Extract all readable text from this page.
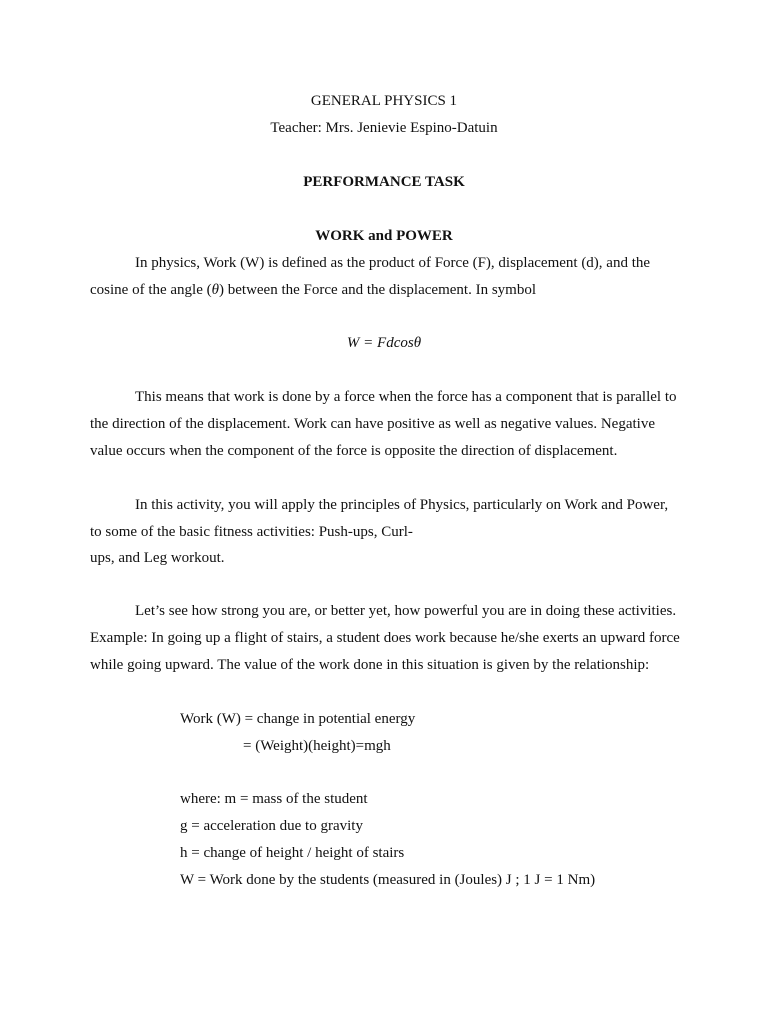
GENERAL PHYSICS 1
Teacher: Mrs. Jenievie Espino-Datuin
PERFORMANCE TASK
WORK and POWER
In physics, Work (W) is defined as the product of Force (F), displacement (d), and the
cosine of the angle (θ) between the Force and the displacement. In symbol
W = Fdcosθ
This means that work is done by a force when the force has a component that is parallel to
the direction of the displacement. Work can have positive as well as negative values. Negative
value occurs when the component of the force is opposite the direction of displacement.
In this activity, you will apply the principles of Physics, particularly on Work and Power,
to some of the basic fitness activities: Push-ups, Curl-
ups, and Leg workout.
Let’s see how strong you are, or better yet, how powerful you are in doing these activities.
Example: In going up a flight of stairs, a student does work because he/she exerts an upward force
while going upward. The value of the work done in this situation is given by the relationship:
Work (W) = change in potential energy
= (Weight)(height)=mgh
where: m = mass of the student
g = acceleration due to gravity
h = change of height / height of stairs
W = Work done by the students (measured in (Joules) J ; 1 J = 1 Nm)
